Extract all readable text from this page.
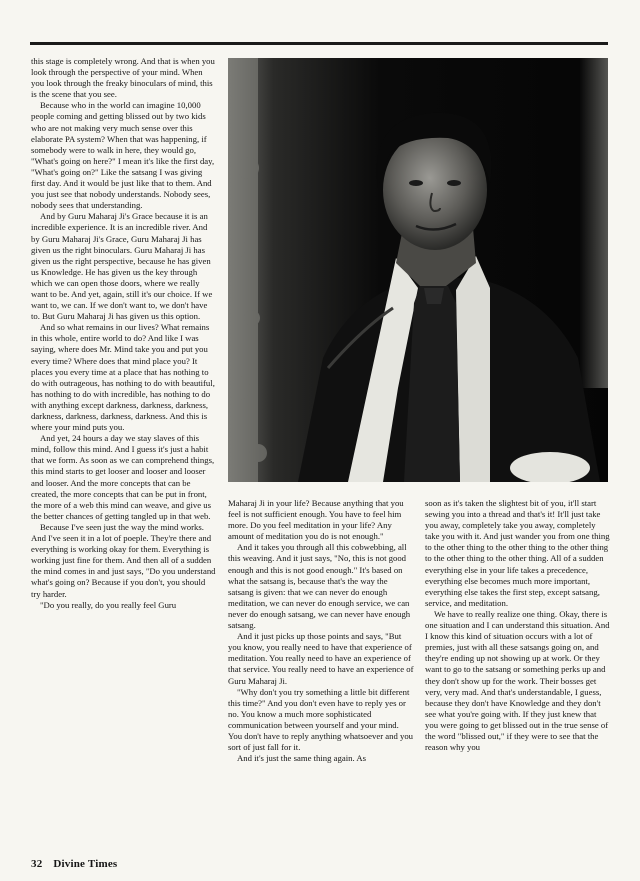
this stage is completely wrong. And that is when you look through the perspective of your mind. When you look through the freaky binoculars of mind, this is the scene that you see.

Because who in the world can imagine 10,000 people coming and getting blissed out by two kids who are not making very much sense over this elaborate PA system? When that was happening, if somebody were to walk in here, they would go, "What's going on here?" I mean it's like the first day, "What's going on?" Like the satsang I was giving first day. And it would be just like that to them. And you just see that nobody understands. Nobody sees, nobody sees that understanding.

And by Guru Maharaj Ji's Grace because it is an incredible experience. It is an incredible river. And by Guru Maharaj Ji's Grace, Guru Maharaj Ji has given us the right binoculars. Guru Maharaj Ji has given us the right perspective, because he has given us Knowledge. He has given us the key through which we can open those doors, where we really want to be. And yet, again, still it's our choice. If we want to, we can. If we don't want to, we don't have to. But Guru Maharaj Ji has given us this option.

And so what remains in our lives? What remains in this whole, entire world to do? And like I was saying, where does Mr. Mind take you and put you every time? Where does that mind place you? It places you every time at a place that has nothing to do with outrageous, has nothing to do with beautiful, has nothing to do with incredible, has nothing to do with anything except darkness, darkness, darkness, darkness, darkness, darkness, darkness. And this is where your mind puts you.

And yet, 24 hours a day we stay slaves of this mind, follow this mind. And I guess it's just a habit that we form. As soon as we can comprehend things, this mind starts to get looser and looser and looser and looser. And the more concepts that can be created, the more concepts that can be put in front, the more of a web this mind can weave, and give us the better chances of getting tangled up in that web.

Because I've seen just the way the mind works. And I've seen it in a lot of poeple. They're there and everything is working okay for them. Everything is working just fine for them. And then all of a sudden the mind comes in and just says, "Do you understand what's going on? Because if you don't, you should try harder.

"Do you really, do you really feel Guru

Maharaj Ji in your life? Because anything that you feel is not sufficient enough. You have to feel him more. Do you feel meditation in your life? Any amount of meditation you do is not enough."

And it takes you through all this cobwebbing, all this weaving. And it just says, "No, this is not good enough and this is not good enough." It's based on what the satsang is, because that's the way the satsang is given: that we can never do enough meditation, we can never do enough service, we can never do enough satsang, we can never have enough satsang.

And it just picks up those points and says, "But you know, you really need to have that experience of meditation. You really need to have an experience of that service. You really need to have an experience of Guru Maharaj Ji.

"Why don't you try something a little bit different this time?" And you don't even have to reply yes or no. You know a much more sophisticated communication between yourself and your mind. You don't have to reply anything whatsoever and you sort of just fall for it.

And it's just the same thing again. As

soon as it's taken the slightest bit of you, it'll start sewing you into a thread and that's it! It'll just take you away, completely take you away, completely take you with it. And just wander you from one thing to the other thing to the other thing to the other thing to the other thing to the other thing. All of a sudden everything else in your life takes a precedence, everything else becomes much more important, everything else takes the first step, except satsang, service, and meditation.

We have to really realize one thing. Okay, there is one situation and I can understand this situation. And I know this kind of situation occurs with a lot of premies, just with all these satsangs going on, and they're ending up not showing up at work. Or they want to go to the satsang or something perks up and they don't show up for the work. Their bosses get very, very mad. And that's understandable, I guess, because they don't have Knowledge and they don't see what you're going with. If they just knew that you were going to get blissed out in the true sense of the word "blissed out," if they were to see that the reason why you

32 Divine Times
